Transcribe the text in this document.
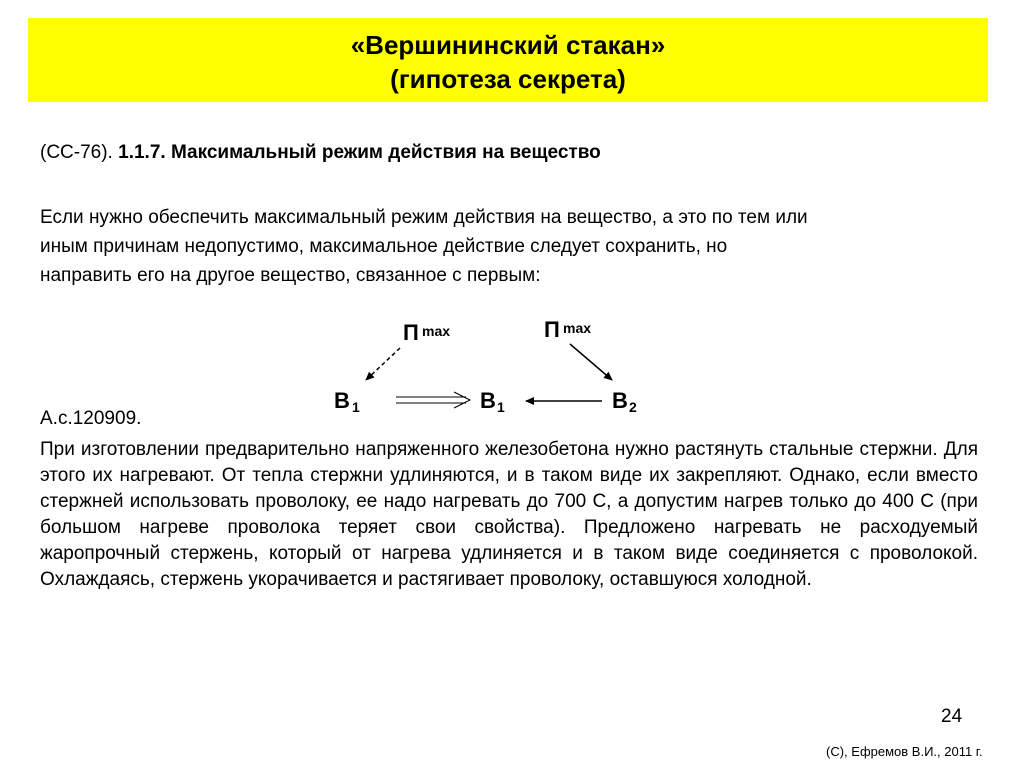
«Вершининский стакан»
(гипотеза секрета)
(СС-76). 1.1.7. Максимальный режим действия на вещество
Если нужно обеспечить максимальный режим действия на вещество, а это по тем или
иным причинам недопустимо, максимальное действие следует сохранить, но
направить его на другое вещество, связанное с первым:
П max	П max
В 1	В 1	В 2
А.с.120909.
При изготовлении предварительно напряженного железобетона нужно растянуть стальные стержни. Для этого их нагревают. От тепла стержни удлиняются, и в таком виде их закрепляют. Однако, если вместо стержней использовать проволоку, ее надо нагревать до 700 С, а допустим нагрев только до 400 С (при большом нагреве проволока теряет свои свойства). Предложено нагревать не расходуемый жаропрочный стержень, который от нагрева удлиняется и в таком виде соединяется с проволокой. Охлаждаясь, стержень укорачивается и растягивает проволоку, оставшуюся холодной.
24
(С), Ефремов В.И., 2011 г.
